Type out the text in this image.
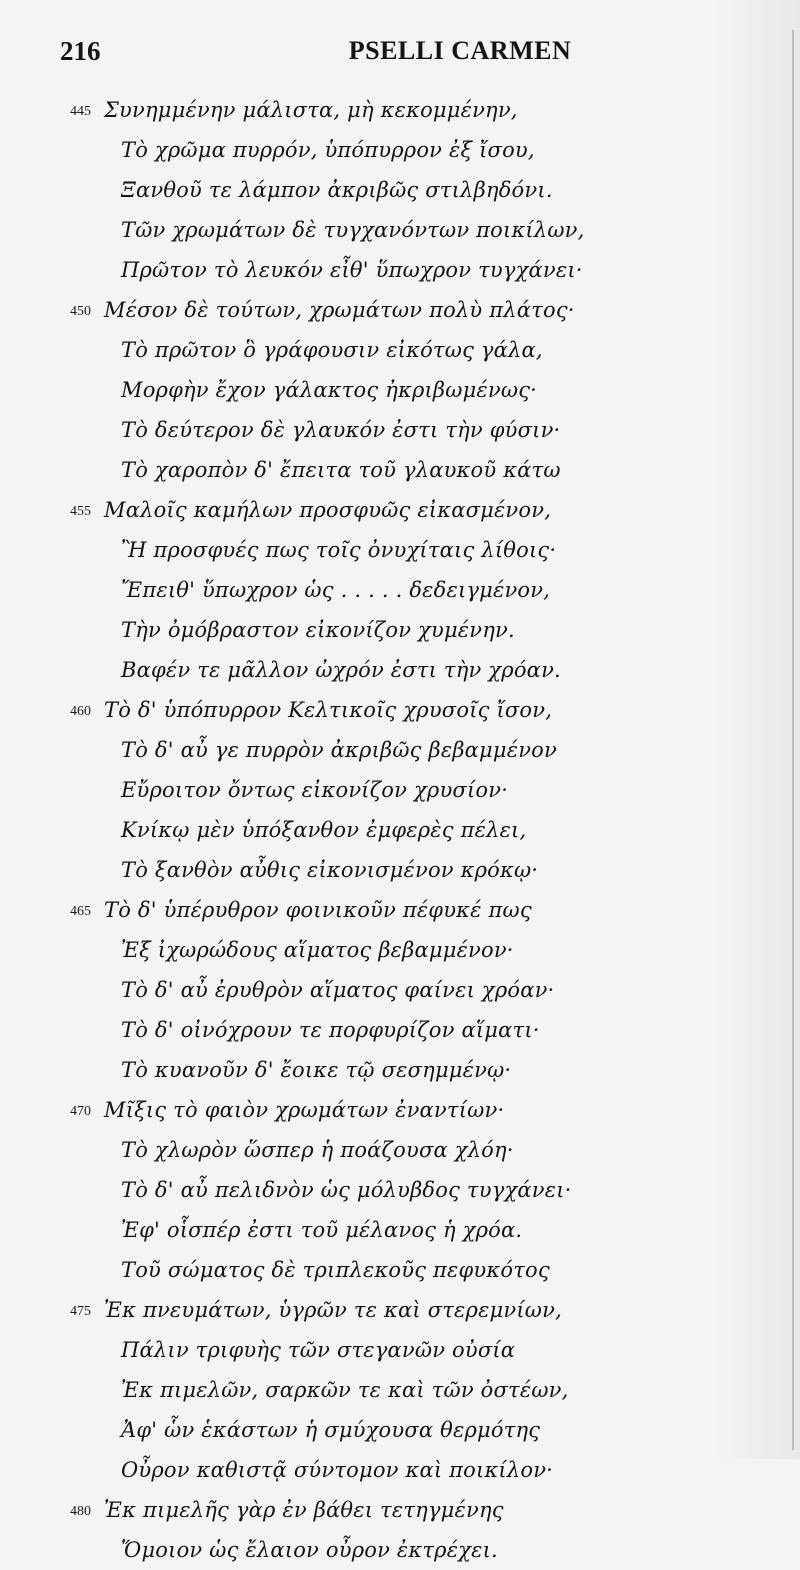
216	PSELLI CARMEN
445 Συνημμένην μάλιστα, μὴ κεκομμένην,
Τὸ χρῶμα πυρρόν, ὑπόπυρρον ἐξ ἴσου,
Ξανθοῦ τε λάμπον ἀκριβῶς στιλβηδόνι.
Τῶν χρωμάτων δὲ τυγχανόντων ποικίλων,
Πρῶτον τὸ λευκόν εἶθ' ὕπωχρον τυγχάνει·
450 Μέσον δὲ τούτων, χρωμάτων πολὺ πλάτος·
Τὸ πρῶτον ὃ γράφουσιν εἰκότως γάλα,
Μορφὴν ἔχον γάλακτος ἠκριβωμένως·
Τὸ δεύτερον δὲ γλαυκόν ἐστι τὴν φύσιν·
Τὸ χαροπὸν δ' ἔπειτα τοῦ γλαυκοῦ κάτω
455 Μαλοῖς καμήλων προσφυῶς εἰκασμένον,
Ἢ προσφυές πως τοῖς ὀνυχίταις λίθοις·
Ἔπειθ' ὕπωχρον ὡς . . . . . δεδειγμένον,
Τὴν ὀμόβραστον εἰκονίζον χυμένην.
Βαφέν τε μᾶλλον ὠχρόν ἐστι τὴν χρόαν.
460 Τὸ δ' ὑπόπυρρον Κελτικοῖς χρυσοῖς ἴσον,
Τὸ δ' αὖ γε πυρρὸν ἀκριβῶς βεβαμμένον
Εὔροιτον ὄντως εἰκονίζον χρυσίον·
Κνίκῳ μὲν ὑπόξανθον ἐμφερὲς πέλει,
Τὸ ξανθὸν αὖθις εἰκονισμένον κρόκῳ·
465 Τὸ δ' ὑπέρυθρον φοινικοῦν πέφυκέ πως
Ἐξ ἰχωρώδους αἵματος βεβαμμένον·
Τὸ δ' αὖ ἐρυθρὸν αἵματος φαίνει χρόαν·
Τὸ δ' οἰνόχρουν τε πορφυρίζον αἵματι·
Τὸ κυανοῦν δ' ἔοικε τῷ σεσημμένῳ·
470 Μῖξις τὸ φαιὸν χρωμάτων ἐναντίων·
Τὸ χλωρὸν ὥσπερ ἡ ποάζουσα χλόη·
Τὸ δ' αὖ πελιδνὸν ὡς μόλυβδος τυγχάνει·
Ἐφ' οἷσπέρ ἐστι τοῦ μέλανος ἡ χρόα.
Τοῦ σώματος δὲ τριπλεκοῦς πεφυκότος
475 Ἐκ πνευμάτων, ὑγρῶν τε καὶ στερεμνίων,
Πάλιν τριφυὴς τῶν στεγανῶν οὐσία
Ἐκ πιμελῶν, σαρκῶν τε καὶ τῶν ὀστέων,
Ἀφ' ὧν ἑκάστων ἡ σμύχουσα θερμότης
Οὖρον καθιστᾷ σύντομον καὶ ποικίλον·
480 Ἐκ πιμελῆς γὰρ ἐν βάθει τετηγμένης
Ὅμοιον ὡς ἔλαιον οὖρον ἐκτρέχει.
